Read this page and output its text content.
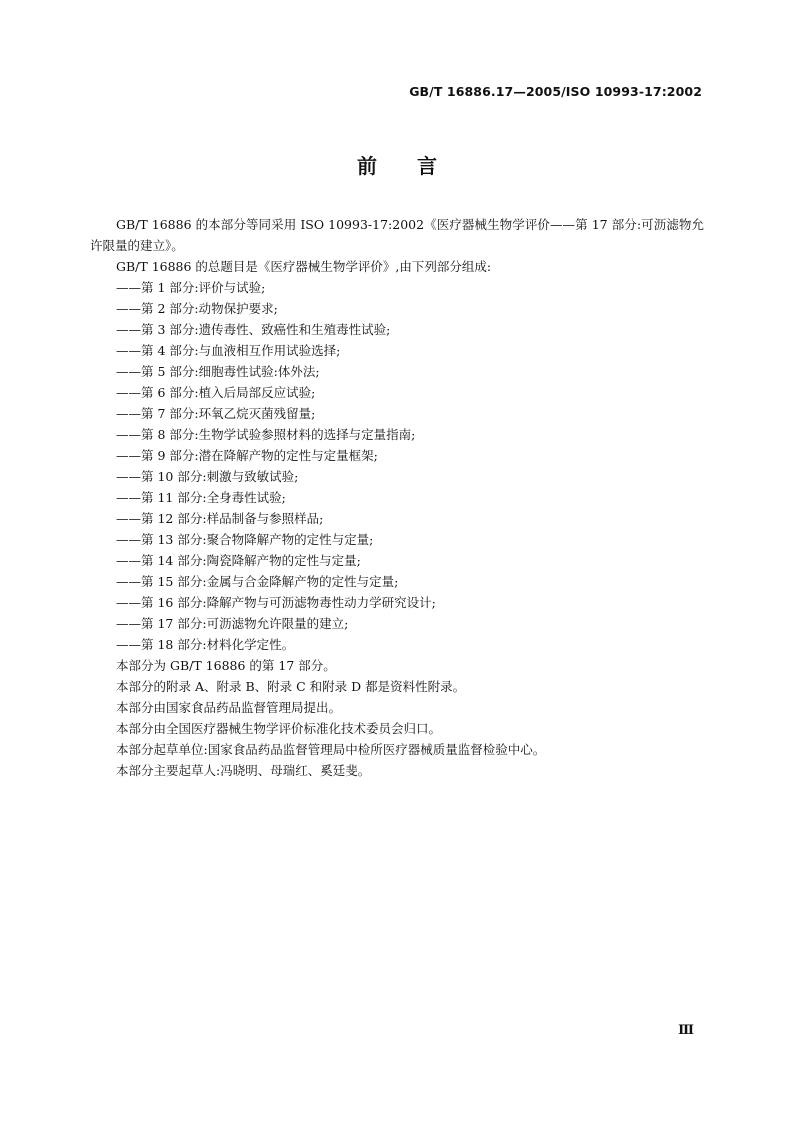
GB/T 16886.17—2005/ISO 10993-17:2002
前言

GB/T 16886 的本部分等同采用 ISO 10993-17:2002《医疗器械生物学评价——第 17 部分:可沥滤物允许限量的建立》。

GB/T 16886 的总题目是《医疗器械生物学评价》,由下列部分组成:

——第 1 部分:评价与试验;

——第 2 部分:动物保护要求;

——第 3 部分:遗传毒性、致癌性和生殖毒性试验;

——第 4 部分:与血液相互作用试验选择;

——第 5 部分:细胞毒性试验:体外法;

——第 6 部分:植入后局部反应试验;

——第 7 部分:环氧乙烷灭菌残留量;

——第 8 部分:生物学试验参照材料的选择与定量指南;

——第 9 部分:潜在降解产物的定性与定量框架;

——第 10 部分:刺激与致敏试验;

——第 11 部分:全身毒性试验;

——第 12 部分:样品制备与参照样品;

——第 13 部分:聚合物降解产物的定性与定量;

——第 14 部分:陶瓷降解产物的定性与定量;

——第 15 部分:金属与合金降解产物的定性与定量;

——第 16 部分:降解产物与可沥滤物毒性动力学研究设计;

——第 17 部分:可沥滤物允许限量的建立;

——第 18 部分:材料化学定性。

本部分为 GB/T 16886 的第 17 部分。

本部分的附录 A、附录 B、附录 C 和附录 D 都是资料性附录。

本部分由国家食品药品监督管理局提出。

本部分由全国医疗器械生物学评价标准化技术委员会归口。

本部分起草单位:国家食品药品监督管理局中检所医疗器械质量监督检验中心。

本部分主要起草人:冯晓明、母瑞红、奚廷斐。

Ⅲ
